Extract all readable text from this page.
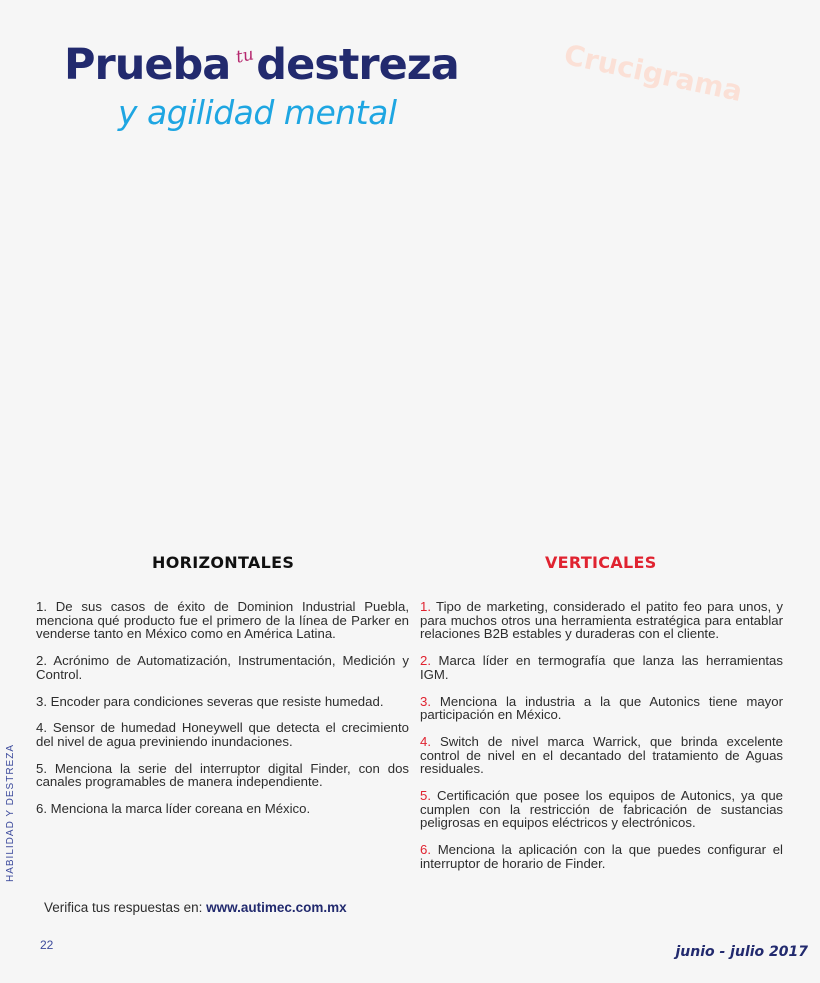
Prueba destreza
tu
y agilidad mental
Crucigrama
HORIZONTALES	VERTICALES

1. De sus casos de éxito de Dominion Industrial Puebla, menciona qué producto fue el primero de la línea de Parker en venderse tanto en México como en América Latina.

2. Acrónimo de Automatización, Instrumentación, Medición y Control.

3. Encoder para condiciones severas que resiste humedad.

4. Sensor de humedad Honeywell que detecta el crecimiento del nivel de agua previniendo inundaciones.

5. Menciona la serie del interruptor digital Finder, con dos canales programables de manera independiente.

6. Menciona la marca líder coreana en México.

1. Tipo de marketing, considerado el patito feo para unos, y para muchos otros una herramienta estratégica para entablar relaciones B2B estables y duraderas con el cliente.

2. Marca líder en termografía que lanza las herramientas IGM.

3. Menciona la industria a la que Autonics tiene mayor participación en México.

4. Switch de nivel marca Warrick, que brinda excelente control de nivel en el decantado del tratamiento de Aguas residuales.

5. Certificación que posee los equipos de Autonics, ya que cumplen con la restricción de fabricación de sustancias peligrosas en equipos eléctricos y electrónicos.

6. Menciona la aplicación con la que puedes configurar el interruptor de horario de Finder.

HABILIDAD Y DESTREZA
Verifica tus respuestas en: www.autimec.com.mx
22	junio - julio 2017
